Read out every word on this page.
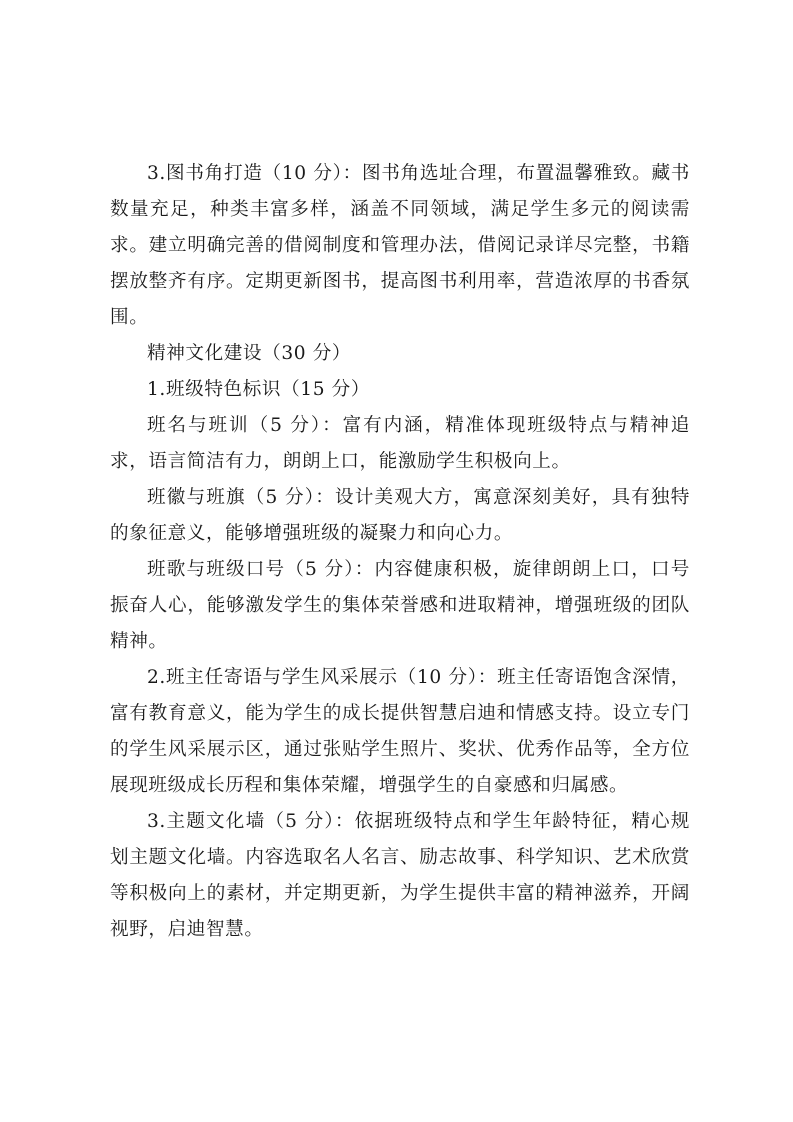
3.图书角打造（10 分）：图书角选址合理，布置温馨雅致。藏书数量充足，种类丰富多样，涵盖不同领域，满足学生多元的阅读需求。建立明确完善的借阅制度和管理办法，借阅记录详尽完整，书籍摆放整齐有序。定期更新图书，提高图书利用率，营造浓厚的书香氛围。

精神文化建设（30 分）

1.班级特色标识（15 分）

班名与班训（5 分）：富有内涵，精准体现班级特点与精神追求，语言简洁有力，朗朗上口，能激励学生积极向上。

班徽与班旗（5 分）：设计美观大方，寓意深刻美好，具有独特的象征意义，能够增强班级的凝聚力和向心力。

班歌与班级口号（5 分）：内容健康积极，旋律朗朗上口，口号振奋人心，能够激发学生的集体荣誉感和进取精神，增强班级的团队精神。

2.班主任寄语与学生风采展示（10 分）：班主任寄语饱含深情，富有教育意义，能为学生的成长提供智慧启迪和情感支持。设立专门的学生风采展示区，通过张贴学生照片、奖状、优秀作品等，全方位展现班级成长历程和集体荣耀，增强学生的自豪感和归属感。

3.主题文化墙（5 分）：依据班级特点和学生年龄特征，精心规划主题文化墙。内容选取名人名言、励志故事、科学知识、艺术欣赏等积极向上的素材，并定期更新，为学生提供丰富的精神滋养，开阔视野，启迪智慧。
